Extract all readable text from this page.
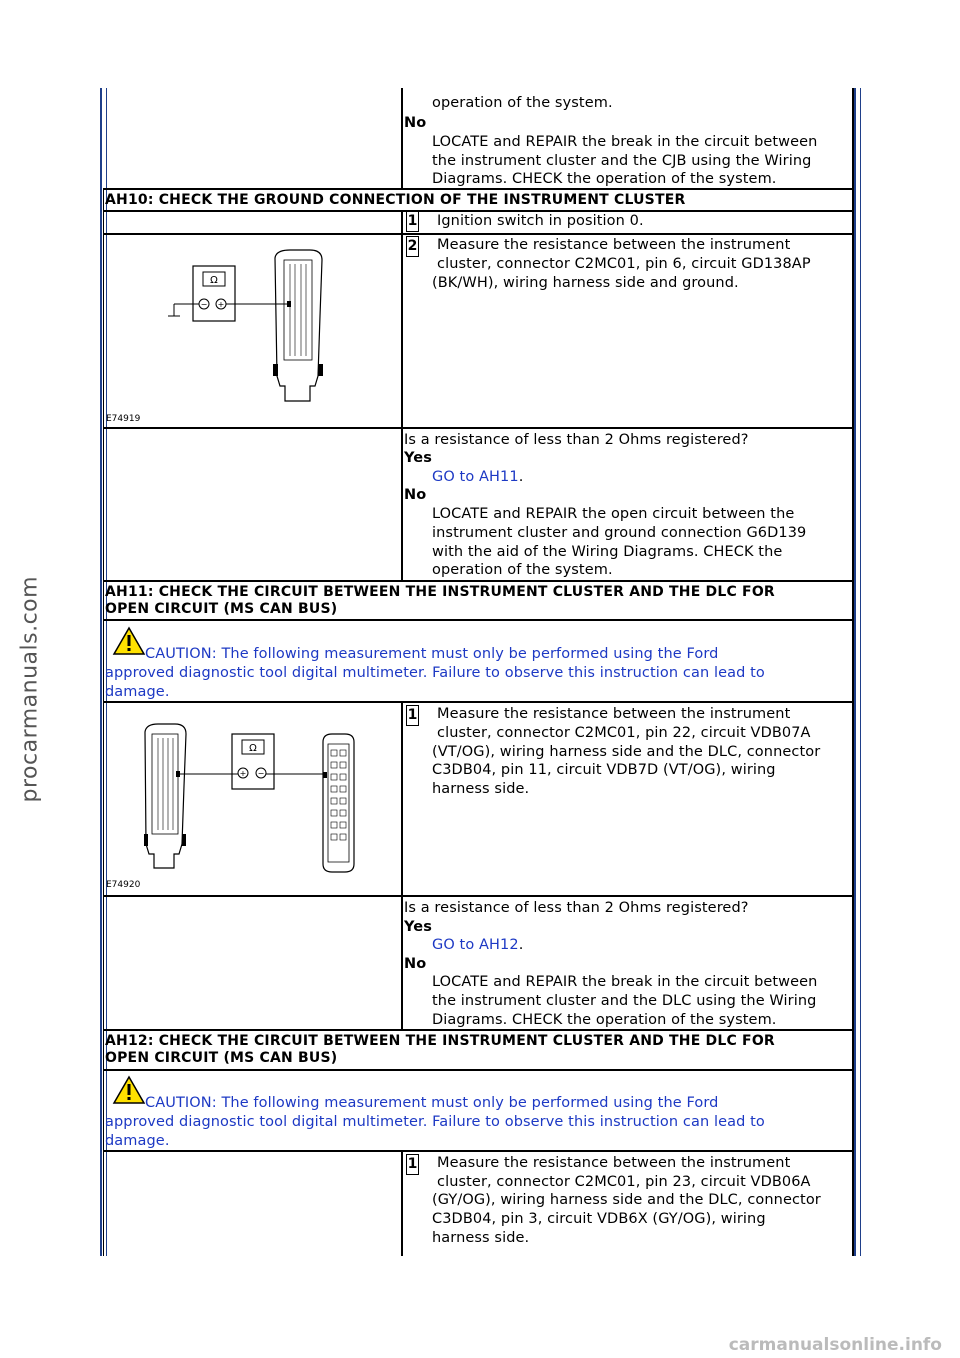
operation of the system.
No
LOCATE and REPAIR the break in the circuit between
the instrument cluster and the CJB using the Wiring
Diagrams. CHECK the operation of the system.
AH10: CHECK THE GROUND CONNECTION OF THE INSTRUMENT CLUSTER
1 Ignition switch in position 0.
2 Measure the resistance between the instrument
cluster, connector C2MC01, pin 6, circuit GD138AP
(BK/WH), wiring harness side and ground.
Ω
− +
E74919
Is a resistance of less than 2 Ohms registered?
Yes
GO to AH11.
No
LOCATE and REPAIR the open circuit between the
instrument cluster and ground connection G6D139
with the aid of the Wiring Diagrams. CHECK the
operation of the system.
AH11: CHECK THE CIRCUIT BETWEEN THE INSTRUMENT CLUSTER AND THE DLC FOR
OPEN CIRCUIT (MS CAN BUS)
CAUTION: The following measurement must only be performed using the Ford
approved diagnostic tool digital multimeter. Failure to observe this instruction can lead to
damage.
1 Measure the resistance between the instrument
cluster, connector C2MC01, pin 22, circuit VDB07A
(VT/OG), wiring harness side and the DLC, connector
C3DB04, pin 11, circuit VDB7D (VT/OG), wiring
harness side.
Ω
+ −
E74920
Is a resistance of less than 2 Ohms registered?
Yes
GO to AH12.
No
LOCATE and REPAIR the break in the circuit between
the instrument cluster and the DLC using the Wiring
Diagrams. CHECK the operation of the system.
AH12: CHECK THE CIRCUIT BETWEEN THE INSTRUMENT CLUSTER AND THE DLC FOR
OPEN CIRCUIT (MS CAN BUS)
CAUTION: The following measurement must only be performed using the Ford
approved diagnostic tool digital multimeter. Failure to observe this instruction can lead to
damage.
1 Measure the resistance between the instrument
cluster, connector C2MC01, pin 23, circuit VDB06A
(GY/OG), wiring harness side and the DLC, connector
C3DB04, pin 3, circuit VDB6X (GY/OG), wiring
harness side.
procarmanuals.com
carmanualsonline.info
